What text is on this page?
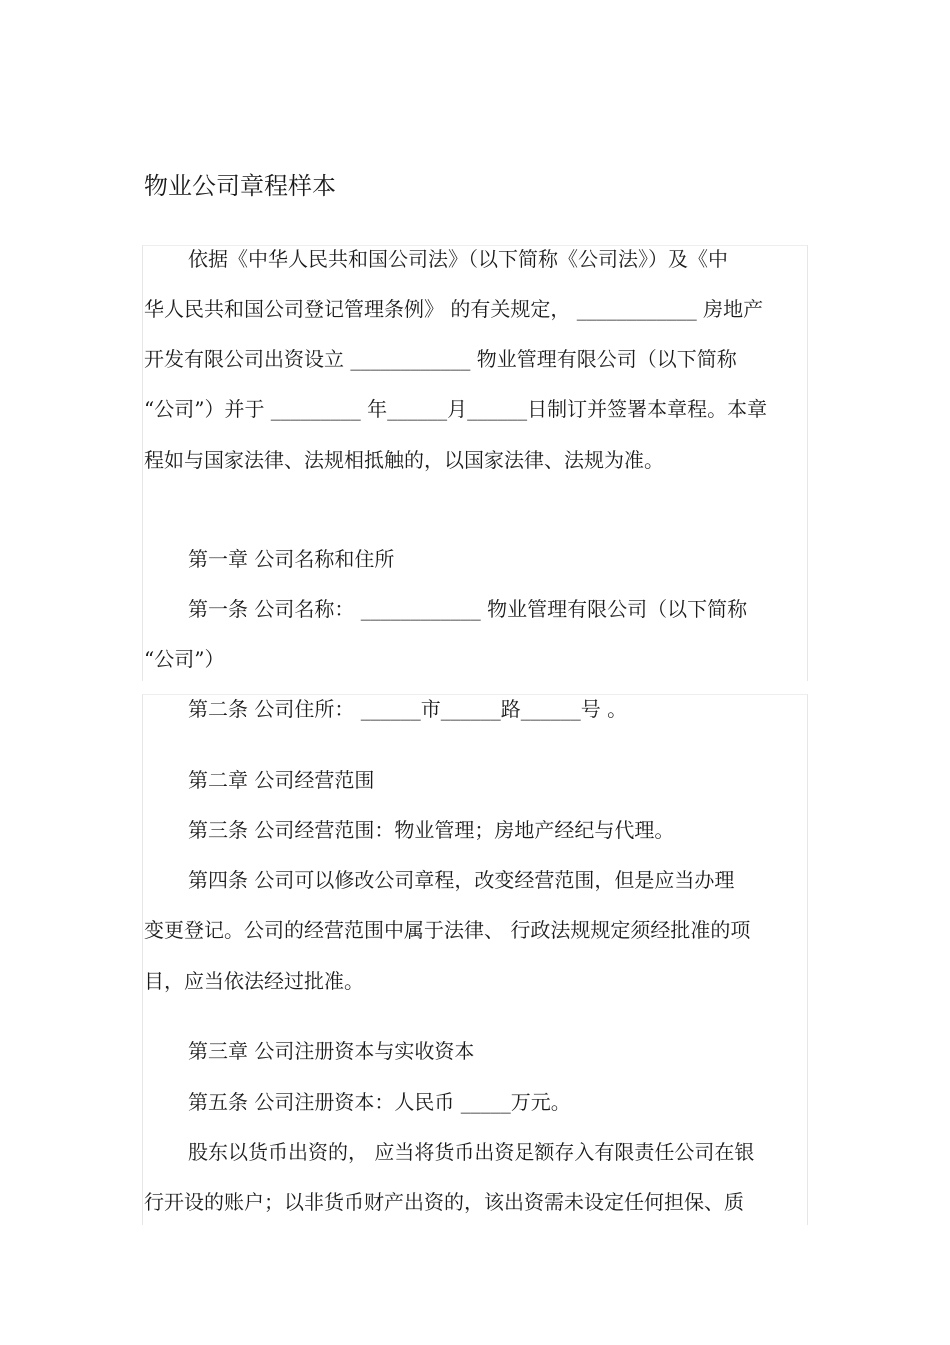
物业公司章程样本
依据《中华人民共和国公司法》（以下简称《公司法》）及《中
华人民共和国公司登记管理条例》 的有关规定， ____________ 房地产
开发有限公司出资设立 ____________ 物业管理有限公司（以下简称
“公司”）并于 _________ 年______月______日制订并签署本章程。本章
程如与国家法律、法规相抵触的，以国家法律、法规为准。
第一章 公司名称和住所
第一条 公司名称： ____________ 物业管理有限公司（以下简称
“公司”）
第二条 公司住所： ______市______路______号 。
第二章 公司经营范围
第三条 公司经营范围：物业管理；房地产经纪与代理。
第四条 公司可以修改公司章程，改变经营范围，但是应当办理
变更登记。公司的经营范围中属于法律、 行政法规规定须经批准的项
目，应当依法经过批准。
第三章 公司注册资本与实收资本
第五条 公司注册资本：人民币 _____万元。
股东以货币出资的， 应当将货币出资足额存入有限责任公司在银
行开设的账户；以非货币财产出资的，该出资需未设定任何担保、质
